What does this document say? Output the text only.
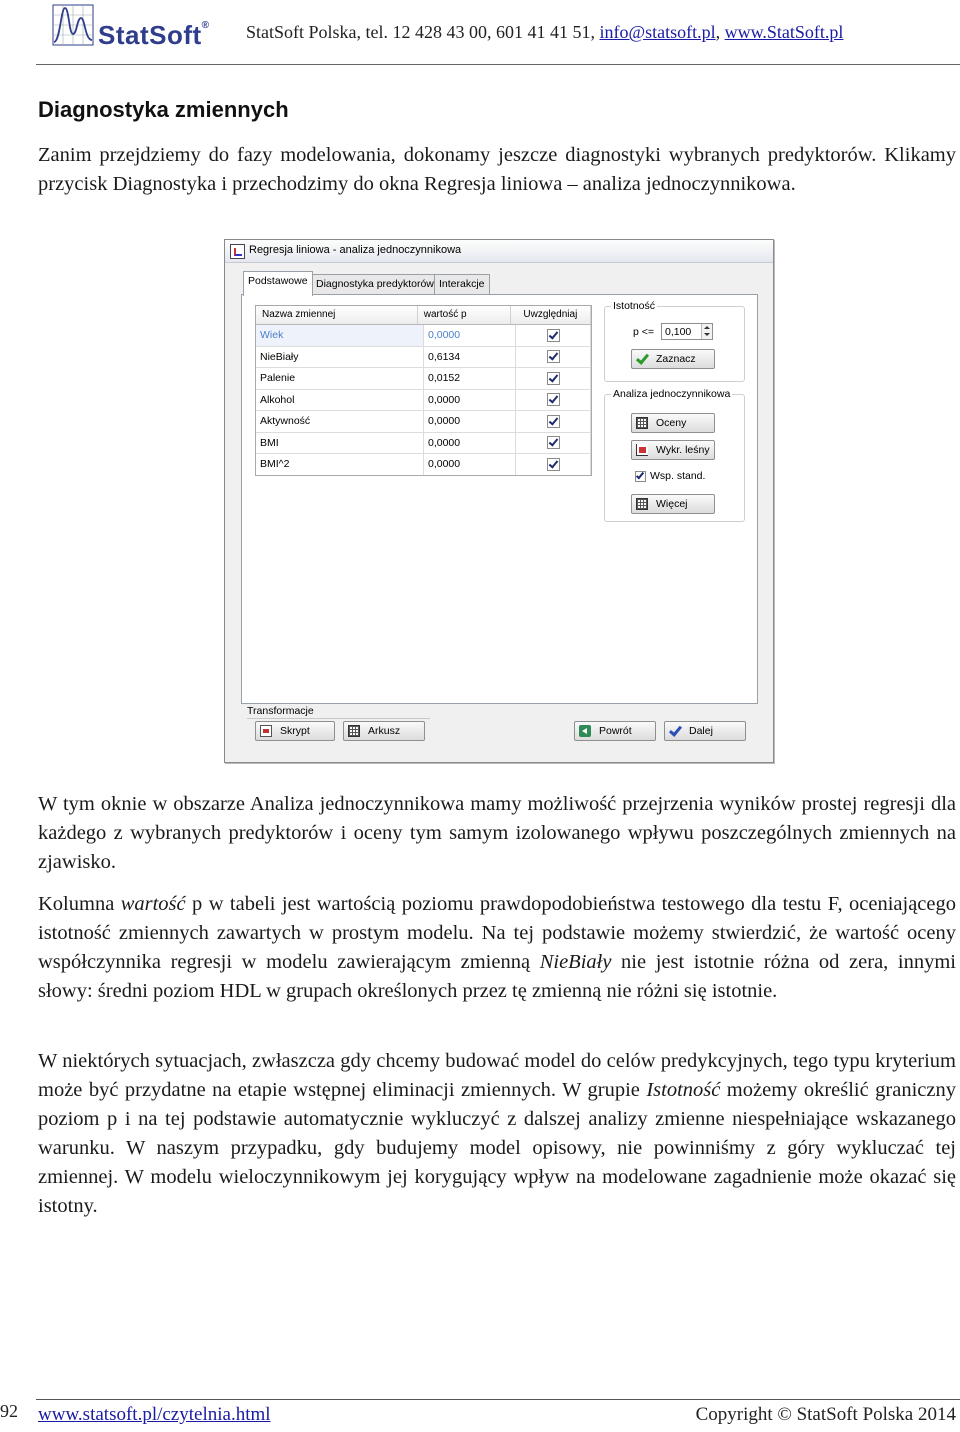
StatSoft® StatSoft Polska, tel. 12 428 43 00, 601 41 41 51, info@statsoft.pl, www.StatSoft.pl
Diagnostyka zmiennych
Zanim przejdziemy do fazy modelowania, dokonamy jeszcze diagnostyki wybranych predyktorów. Klikamy przycisk Diagnostyka i przechodzimy do okna Regresja liniowa – analiza jednoczynnikowa.
Regresja liniowa - analiza jednoczynnikowa
Podstawowe Diagnostyka predyktorów Interakcje
Nazwa zmiennej	wartość p	Uwzględniaj
Wiek	0,0000
NieBiały	0,6134
Palenie	0,0152
Alkohol	0,0000
Aktywność	0,0000
BMI	0,0000
BMI^2	0,0000
Istotność
p <=	0,100
Zaznacz
Analiza jednoczynnikowa
Oceny
Wykr. leśny
Wsp. stand.
Więcej
Transformacje
Skrypt	Arkusz	Powrót	Dalej
W tym oknie w obszarze Analiza jednoczynnikowa mamy możliwość przejrzenia wyników prostej regresji dla każdego z wybranych predyktorów i oceny tym samym izolowanego wpływu poszczególnych zmiennych na zjawisko.
Kolumna wartość p w tabeli jest wartością poziomu prawdopodobieństwa testowego dla testu F, oceniającego istotność zmiennych zawartych w prostym modelu. Na tej podstawie możemy stwierdzić, że wartość oceny współczynnika regresji w modelu zawierającym zmienną NieBiały nie jest istotnie różna od zera, innymi słowy: średni poziom HDL w grupach określonych przez tę zmienną nie różni się istotnie.
W niektórych sytuacjach, zwłaszcza gdy chcemy budować model do celów predykcyjnych, tego typu kryterium może być przydatne na etapie wstępnej eliminacji zmiennych. W grupie Istotność możemy określić graniczny poziom p i na tej podstawie automatycznie wykluczyć z dalszej analizy zmienne niespełniające wskazanego warunku. W naszym przypadku, gdy budujemy model opisowy, nie powinniśmy z góry wykluczać tej zmiennej. W modelu wieloczynnikowym jej korygujący wpływ na modelowane zagadnienie może okazać się istotny.
92 www.statsoft.pl/czytelnia.html	Copyright © StatSoft Polska 2014
